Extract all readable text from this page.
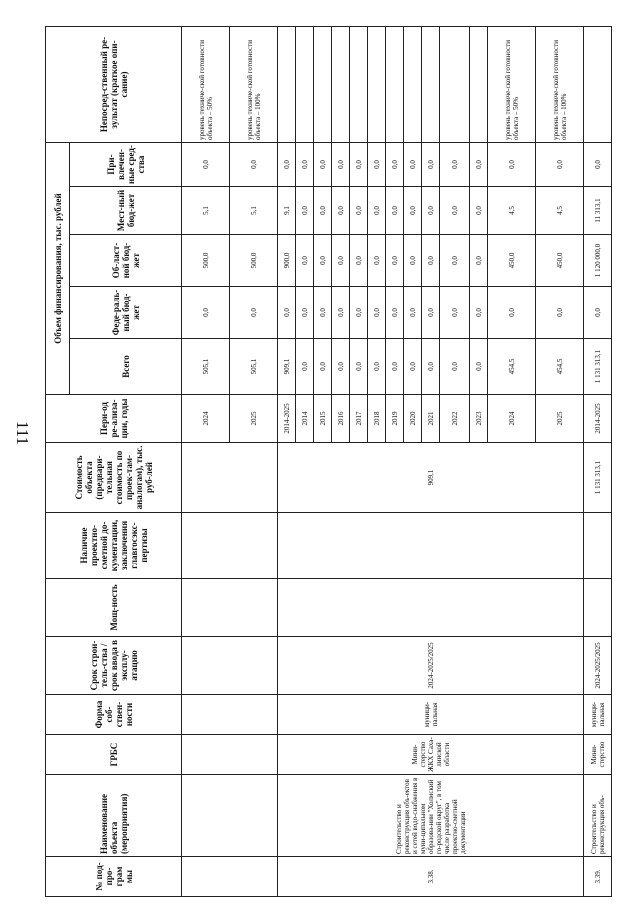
111
№ под-про-грам мы	Наименование объекта (мероприятия)	ГРБС	Форма соб-ствен-ности	Срок строи-тель-ства / срок ввода в эксплу-атацию	Мощ-ность	Наличие проектно-сметной до-кументации, заключения главгосэкс-пертизы	Стоимость объекта (предвари-тельная стоимость по проек-там-аналогам), тыс. руб-лей	Пери-од ре-ализа-ции, годы	Объем финансирования, тыс. рублей					Непосред-ственный ре-зультат (краткое опи-сание)
									Всего	Феде-раль-ный бюд-жет	Об-ласт-ной бюд-жет	Мест-ный бюд-жет	При-влечен-ные сред-ства	
								2024	505,1	0,0	500,0	5,1	0,0	уровень техниче-ской готовности объекта – 50%
								2025	505,1	0,0	500,0	5,1	0,0	уровень техниче-ской готовности объекта – 100%
3.38.	Строительство и реконструкция объ-ектов и сетей водо-снабжения в муни-ципальном образова-нии "Холмский го-родской округ", в том числе разработка проектно-сметной документации	Мини-стерство ЖКХ Саха-линской области	муници-пальная	2024-2025/2025			909,1	2014-2025	909,1	0,0	900,0	9,1	0,0	
								2014	0,0	0,0	0,0	0,0	0,0	
								2015	0,0	0,0	0,0	0,0	0,0	
								2016	0,0	0,0	0,0	0,0	0,0	
								2017	0,0	0,0	0,0	0,0	0,0	
								2018	0,0	0,0	0,0	0,0	0,0	
								2019	0,0	0,0	0,0	0,0	0,0	
								2020	0,0	0,0	0,0	0,0	0,0	
								2021	0,0	0,0	0,0	0,0	0,0	
								2022	0,0	0,0	0,0	0,0	0,0	
								2023	0,0	0,0	0,0	0,0	0,0	
								2024	454,5	0,0	450,0	4,5	0,0	уровень техниче-ской готовности объекта – 50%
								2025	454,5	0,0	450,0	4,5	0,0	уровень техниче-ской готовности объекта – 100%
3.39.	Строительство и реконструкция объ-	Мини-стерство	муници-пальная	2024-2025/2025			1 131 313,1	2014-2025	1 131 313,1	0,0	1 120 000,0	11 313,1	0,0	
